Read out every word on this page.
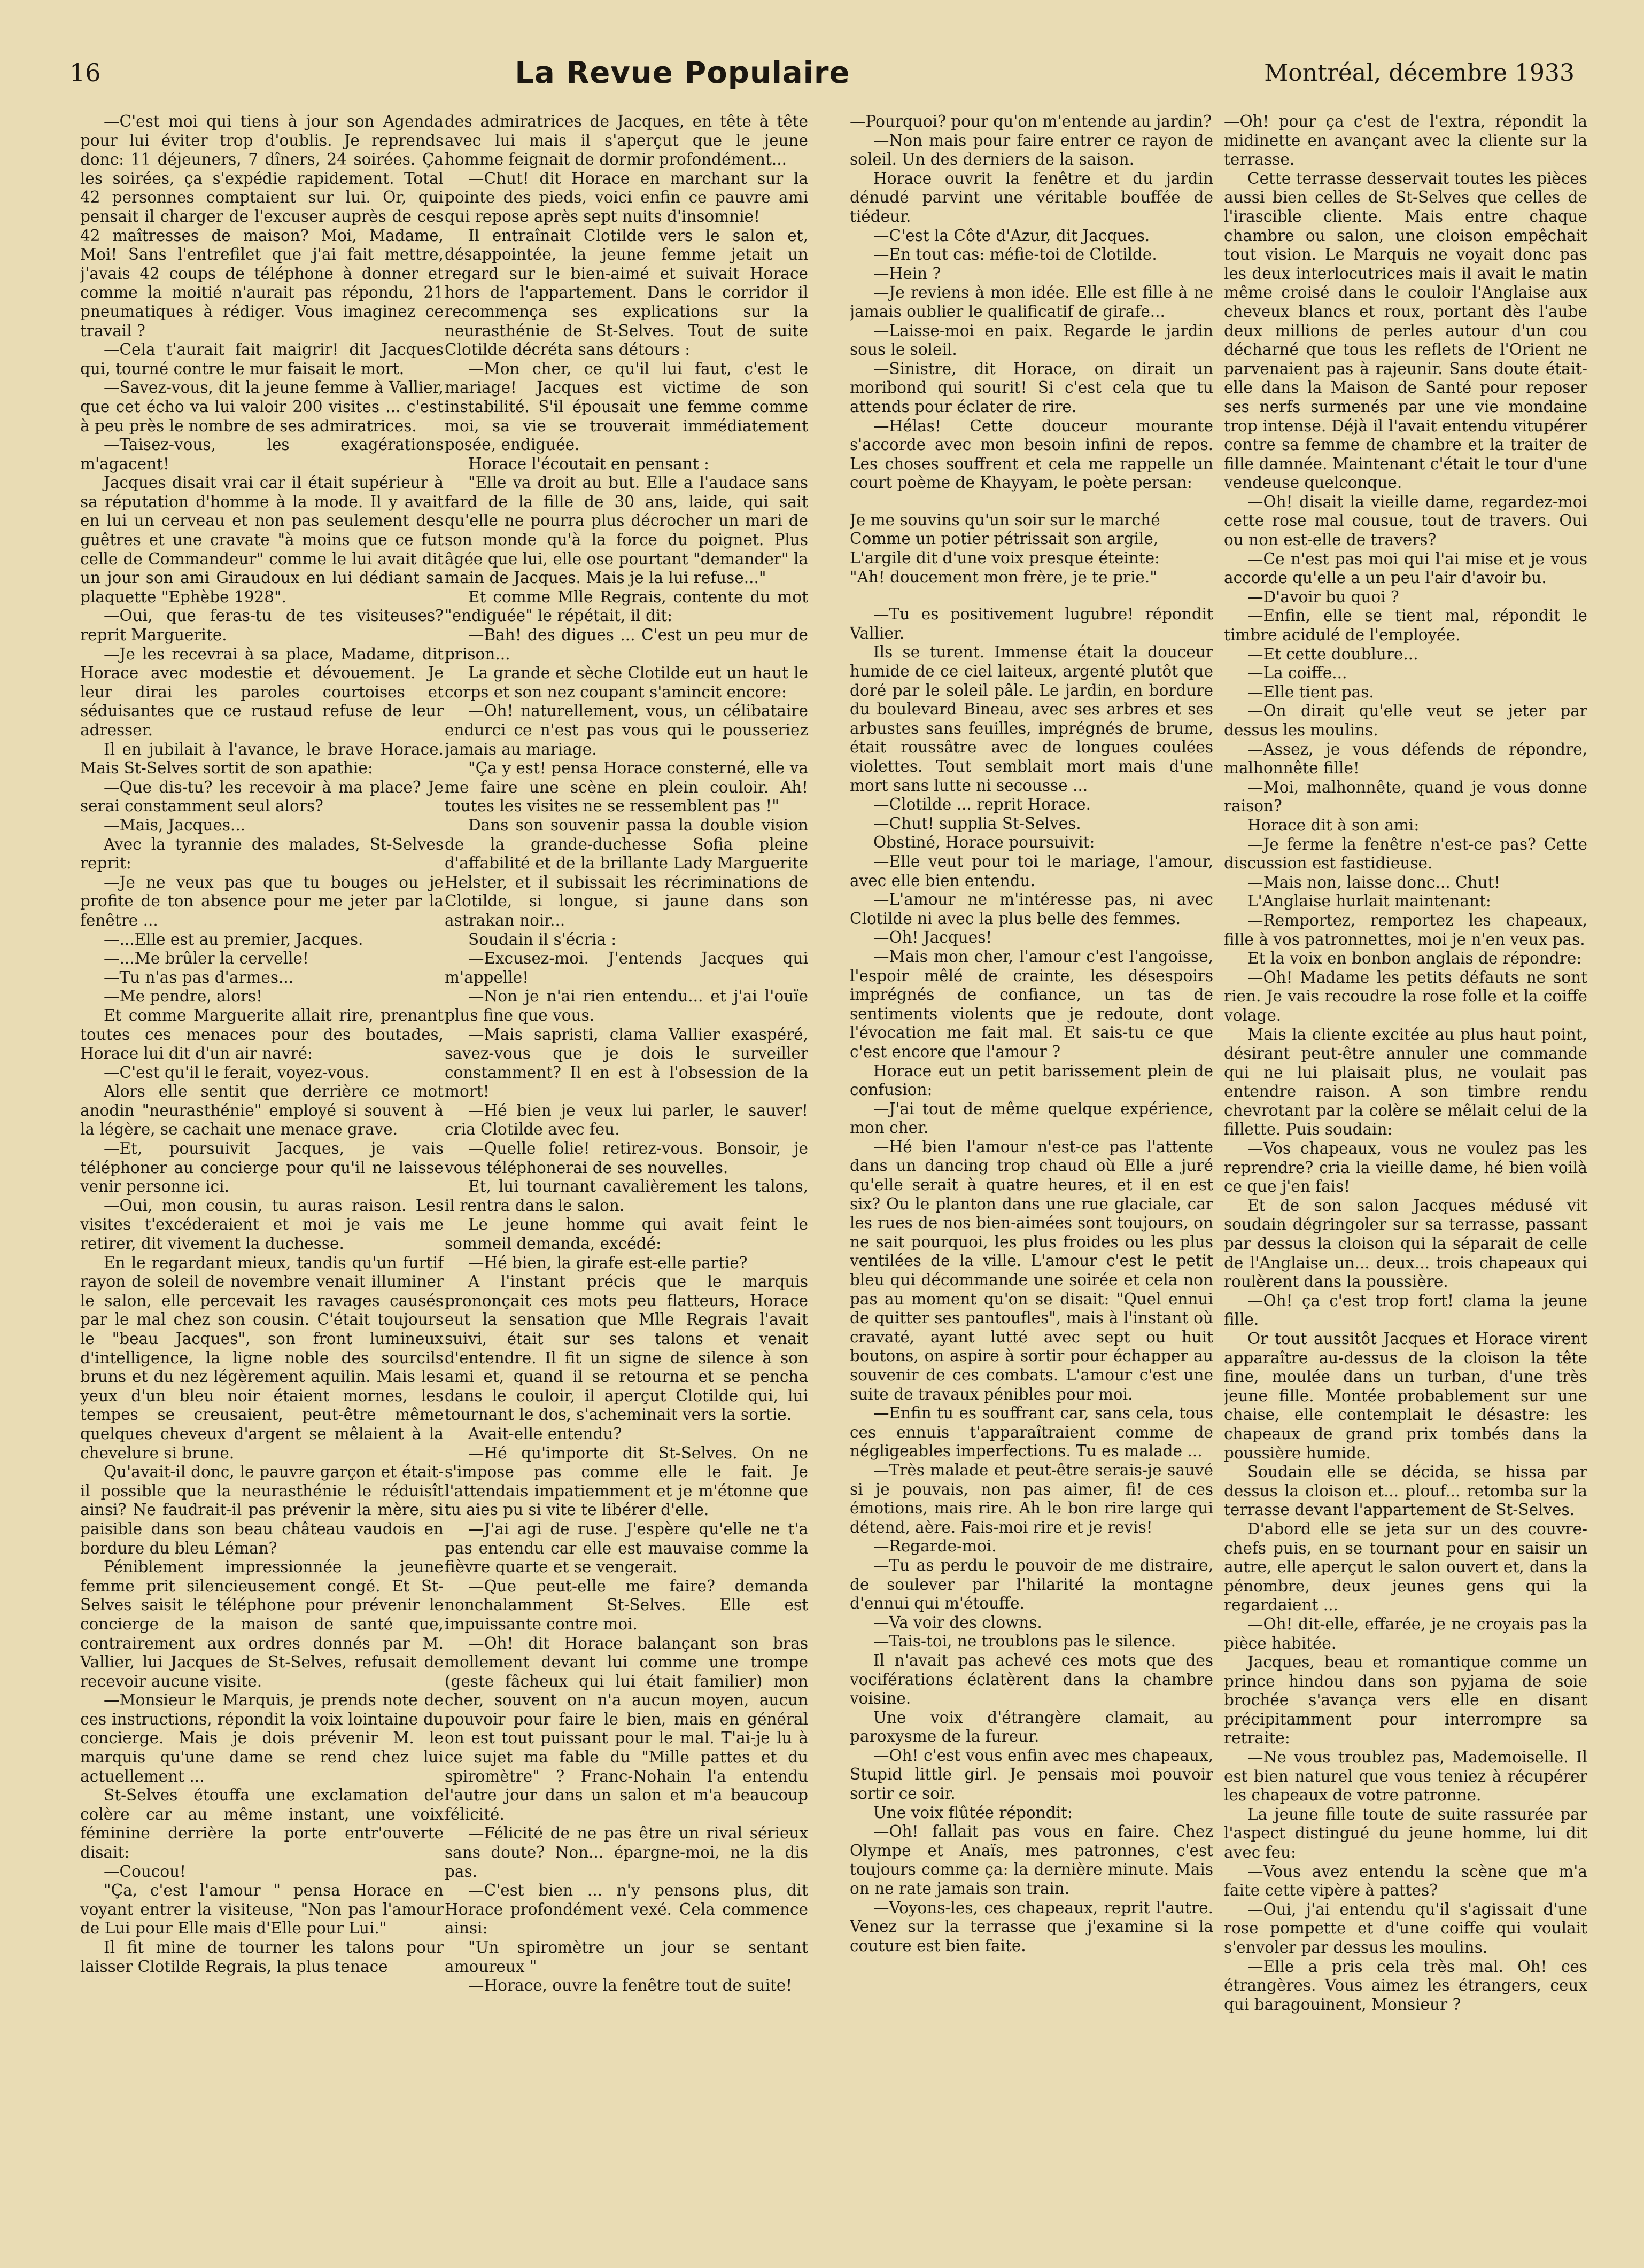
16	La Revue Populaire	Montréal, décembre 1933

—C'est moi qui tiens à jour son Agenda pour lui éviter trop d'oublis. Je reprends donc: 11 déjeuners, 7 dîners, 24 soirées. Ça les soirées, ça s'expédie rapidement. Total 42 personnes comptaient sur lui. Or, qui pensait il charger de l'excuser auprès de ces 42 maîtresses de maison? Moi, Madame, Moi! Sans l'entrefilet que j'ai fait mettre, j'avais 42 coups de téléphone à donner et comme la moitié n'aurait pas répondu, 21 pneumatiques à rédiger. Vous imaginez ce travail ?

—Cela t'aurait fait maigrir! dit Jacques qui, tourné contre le mur faisait le mort.

—Savez-vous, dit la jeune femme à Vallier, que cet écho va lui valoir 200 visites ... c'est à peu près le nombre de ses admiratrices.

—Taisez-vous, les exagérations m'agacent!

Jacques disait vrai car il était supérieur à sa réputation d'homme à la mode. Il y avait en lui un cerveau et non pas seulement des guêtres et une cravate "à moins que ce fut celle de Commandeur" comme le lui avait dit un jour son ami Giraudoux en lui dédiant sa plaquette "Ephèbe 1928".

—Oui, que feras-tu de tes visiteuses? reprit Marguerite.

—Je les recevrai à sa place, Madame, dit Horace avec modestie et dévouement. Je leur dirai les paroles courtoises et séduisantes que ce rustaud refuse de leur adresser.

Il en jubilait à l'avance, le brave Horace. Mais St-Selves sortit de son apathie:

—Que dis-tu? les recevoir à ma place? Je serai constamment seul alors?

—Mais, Jacques...

Avec la tyrannie des malades, St-Selves reprit:

—Je ne veux pas que tu bouges ou je profite de ton absence pour me jeter par la fenêtre ...

—...Elle est au premier, Jacques.

—...Me brûler la cervelle!

—Tu n'as pas d'armes...

—Me pendre, alors!

Et comme Marguerite allait rire, prenant toutes ces menaces pour des boutades, Horace lui dit d'un air navré:

—C'est qu'il le ferait, voyez-vous.

Alors elle sentit que derrière ce mot anodin "neurasthénie" employé si souvent à la légère, se cachait une menace grave.

—Et, poursuivit Jacques, je vais téléphoner au concierge pour qu'il ne laisse venir personne ici.

—Oui, mon cousin, tu auras raison. Les visites t'excéderaient et moi je vais me retirer, dit vivement la duchesse.

En le regardant mieux, tandis qu'un furtif rayon de soleil de novembre venait illuminer le salon, elle percevait les ravages causés par le mal chez son cousin. C'était toujours le "beau Jacques", son front lumineux d'intelligence, la ligne noble des sourcils bruns et du nez légèrement aquilin. Mais les yeux d'un bleu noir étaient mornes, les tempes se creusaient, peut-être même quelques cheveux d'argent se mêlaient à la chevelure si brune.

Qu'avait-il donc, le pauvre garçon et était-il possible que la neurasthénie le réduisît ainsi? Ne faudrait-il pas prévenir la mère, si paisible dans son beau château vaudois en bordure du bleu Léman?

Péniblement impressionnée la jeune femme prit silencieusement congé. Et St-Selves saisit le téléphone pour prévenir le concierge de la maison de santé que, contrairement aux ordres donnés par M. Vallier, lui Jacques de St-Selves, refusait de recevoir aucune visite.

—Monsieur le Marquis, je prends note de ces instructions, répondit la voix lointaine du concierge. Mais je dois prévenir M. le marquis qu'une dame se rend chez lui actuellement ...

St-Selves étouffa une exclamation de colère car au même instant, une voix féminine derrière la porte entr'ouverte disait:

—Coucou!

"Ça, c'est l'amour " pensa Horace en voyant entrer la visiteuse, "Non pas l'amour de Lui pour Elle mais d'Elle pour Lui."

Il fit mine de tourner les talons pour laisser Clotilde Regrais, la plus tenace

des admiratrices de Jacques, en tête à tête avec lui mais il s'aperçut que le jeune homme feignait de dormir profondément...

—Chut! dit Horace en marchant sur la pointe des pieds, voici enfin ce pauvre ami qui repose après sept nuits d'insomnie!

Il entraînait Clotilde vers le salon et, désappointée, la jeune femme jetait un regard sur le bien-aimé et suivait Horace hors de l'appartement. Dans le corridor il recommença ses explications sur la neurasthénie de St-Selves. Tout de suite Clotilde décréta sans détours :

—Mon cher, ce qu'il lui faut, c'est le mariage! Jacques est victime de son instabilité. S'il épousait une femme comme moi, sa vie se trouverait immédiatement posée, endiguée.

Horace l'écoutait en pensant :

"Elle va droit au but. Elle a l'audace sans fard de la fille de 30 ans, laide, qui sait qu'elle ne pourra plus décrocher un mari de son monde qu'à la force du poignet. Plus âgée que lui, elle ose pourtant "demander" la main de Jacques. Mais je la lui refuse..."

Et comme Mlle Regrais, contente du mot "endiguée" le répétait, il dit:

—Bah! des digues ... C'est un peu mur de prison...

La grande et sèche Clotilde eut un haut le corps et son nez coupant s'amincit encore:

—Oh! naturellement, vous, un célibataire endurci ce n'est pas vous qui le pousseriez jamais au mariage.

"Ça y est! pensa Horace consterné, elle va me faire une scène en plein couloir. Ah! toutes les visites ne se ressemblent pas !"

Dans son souvenir passa la double vision de la grande-duchesse Sofia pleine d'affabilité et de la brillante Lady Marguerite Helster, et il subissait les récriminations de Clotilde, si longue, si jaune dans son astrakan noir...

Soudain il s'écria :

—Excusez-moi. J'entends Jacques qui m'appelle!

—Non je n'ai rien entendu... et j'ai l'ouïe plus fine que vous.

—Mais sapristi, clama Vallier exaspéré, savez-vous que je dois le surveiller constamment? Il en est à l'obsession de la mort!

—Hé bien je veux lui parler, le sauver! cria Clotilde avec feu.

—Quelle folie! retirez-vous. Bonsoir, je vous téléphonerai de ses nouvelles.

Et, lui tournant cavalièrement les talons, il rentra dans le salon.

Le jeune homme qui avait feint le sommeil demanda, excédé:

—Hé bien, la girafe est-elle partie?

A l'instant précis que le marquis prononçait ces mots peu flatteurs, Horace eut la sensation que Mlle Regrais l'avait suivi, était sur ses talons et venait d'entendre. Il fit un signe de silence à son ami et, quand il se retourna et se pencha dans le couloir, il aperçut Clotilde qui, lui tournant le dos, s'acheminait vers la sortie.

Avait-elle entendu?

—Hé qu'importe dit St-Selves. On ne s'impose pas comme elle le fait. Je l'attendais impatiemment et je m'étonne que tu aies pu si vite te libérer d'elle.

—J'ai agi de ruse. J'espère qu'elle ne t'a pas entendu car elle est mauvaise comme la fièvre quarte et se vengerait.

—Que peut-elle me faire? demanda nonchalamment St-Selves. Elle est impuissante contre moi.

—Oh! dit Horace balançant son bras mollement devant lui comme une trompe (geste fâcheux qui lui était familier) mon cher, souvent on n'a aucun moyen, aucun pouvoir pour faire le bien, mais en général on est tout puissant pour le mal. T'ai-je lu à ce sujet ma fable du "Mille pattes et du spiromètre" ? Franc-Nohain l'a entendu l'autre jour dans un salon et m'a beaucoup félicité.

—Félicité de ne pas être un rival sérieux sans doute? Non... épargne-moi, ne la dis pas.

—C'est bien ... n'y pensons plus, dit Horace profondément vexé. Cela commence ainsi:

"Un spiromètre un jour se sentant amoureux "

—Horace, ouvre la fenêtre tout de suite!

—Pourquoi? pour qu'on m'entende au jardin?

—Non mais pour faire entrer ce rayon de soleil. Un des derniers de la saison.

Horace ouvrit la fenêtre et du jardin dénudé parvint une véritable bouffée de tiédeur.

—C'est la Côte d'Azur, dit Jacques.

—En tout cas: méfie-toi de Clotilde.

—Hein ?

—Je reviens à mon idée. Elle est fille à ne jamais oublier le qualificatif de girafe...

—Laisse-moi en paix. Regarde le jardin sous le soleil.

—Sinistre, dit Horace, on dirait un moribond qui sourit! Si c'est cela que tu attends pour éclater de rire.

—Hélas! Cette douceur mourante s'accorde avec mon besoin infini de repos. Les choses souffrent et cela me rappelle un court poème de Khayyam, le poète persan:

Je me souvins qu'un soir sur le marché

Comme un potier pétrissait son argile,

L'argile dit d'une voix presque éteinte:

"Ah! doucement mon frère, je te prie."

—Tu es positivement lugubre! répondit Vallier.

Ils se turent. Immense était la douceur humide de ce ciel laiteux, argenté plutôt que doré par le soleil pâle. Le jardin, en bordure du boulevard Bineau, avec ses arbres et ses arbustes sans feuilles, imprégnés de brume, était roussâtre avec de longues coulées violettes. Tout semblait mort mais d'une mort sans lutte ni secousse ...

—Clotilde ... reprit Horace.

—Chut! supplia St-Selves.

Obstiné, Horace poursuivit:

—Elle veut pour toi le mariage, l'amour, avec elle bien entendu.

—L'amour ne m'intéresse pas, ni avec Clotilde ni avec la plus belle des femmes.

—Oh! Jacques!

—Mais mon cher, l'amour c'est l'angoisse, l'espoir mêlé de crainte, les désespoirs imprégnés de confiance, un tas de sentiments violents que je redoute, dont l'évocation me fait mal. Et sais-tu ce que c'est encore que l'amour ?

Horace eut un petit barissement plein de confusion:

—J'ai tout de même quelque expérience, mon cher.

—Hé bien l'amour n'est-ce pas l'attente dans un dancing trop chaud où Elle a juré qu'elle serait à quatre heures, et il en est six? Ou le planton dans une rue glaciale, car les rues de nos bien-aimées sont toujours, on ne sait pourquoi, les plus froides ou les plus ventilées de la ville. L'amour c'est le petit bleu qui décommande une soirée et cela non pas au moment qu'on se disait: "Quel ennui de quitter ses pantoufles", mais à l'instant où cravaté, ayant lutté avec sept ou huit boutons, on aspire à sortir pour échapper au souvenir de ces combats. L'amour c'est une suite de travaux pénibles pour moi.

—Enfin tu es souffrant car, sans cela, tous ces ennuis t'apparaîtraient comme de négligeables imperfections. Tu es malade ...

—Très malade et peut-être serais-je sauvé si je pouvais, non pas aimer, fi! de ces émotions, mais rire. Ah le bon rire large qui détend, aère. Fais-moi rire et je revis!

—Regarde-moi.

—Tu as perdu le pouvoir de me distraire, de soulever par l'hilarité la montagne d'ennui qui m'étouffe.

—Va voir des clowns.

—Tais-toi, ne troublons pas le silence.

Il n'avait pas achevé ces mots que des vociférations éclatèrent dans la chambre voisine.

Une voix d'étrangère clamait, au paroxysme de la fureur.

—Oh! c'est vous enfin avec mes chapeaux, Stupid little girl. Je pensais moi pouvoir sortir ce soir.

Une voix flûtée répondit:

—Oh! fallait pas vous en faire. Chez Olympe et Anaïs, mes patronnes, c'est toujours comme ça: la dernière minute. Mais on ne rate jamais son train.

—Voyons-les, ces chapeaux, reprit l'autre. Venez sur la terrasse que j'examine si la couture est bien faite.

—Oh! pour ça c'est de l'extra, répondit la midinette en avançant avec la cliente sur la terrasse.

Cette terrasse desservait toutes les pièces aussi bien celles de St-Selves que celles de l'irascible cliente. Mais entre chaque chambre ou salon, une cloison empêchait tout vision. Le Marquis ne voyait donc pas les deux interlocutrices mais il avait le matin même croisé dans le couloir l'Anglaise aux cheveux blancs et roux, portant dès l'aube deux millions de perles autour d'un cou décharné que tous les reflets de l'Orient ne parvenaient pas à rajeunir. Sans doute était-elle dans la Maison de Santé pour reposer ses nerfs surmenés par une vie mondaine trop intense. Déjà il l'avait entendu vitupérer contre sa femme de chambre et la traiter de fille damnée. Maintenant c'était le tour d'une vendeuse quelconque.

—Oh! disait la vieille dame, regardez-moi cette rose mal cousue, tout de travers. Oui ou non est-elle de travers?

—Ce n'est pas moi qui l'ai mise et je vous accorde qu'elle a un peu l'air d'avoir bu.

—D'avoir bu quoi ?

—Enfin, elle se tient mal, répondit le timbre acidulé de l'employée.

—Et cette doublure...

—La coiffe...

—Elle tient pas.

—On dirait qu'elle veut se jeter par dessus les moulins.

—Assez, je vous défends de répondre, malhonnête fille!

—Moi, malhonnête, quand je vous donne raison?

Horace dit à son ami:

—Je ferme la fenêtre n'est-ce pas? Cette discussion est fastidieuse.

—Mais non, laisse donc... Chut!

L'Anglaise hurlait maintenant:

—Remportez, remportez les chapeaux, fille à vos patronnettes, moi je n'en veux pas.

Et la voix en bonbon anglais de répondre:

—Oh! Madame les petits défauts ne sont rien. Je vais recoudre la rose folle et la coiffe volage.

Mais la cliente excitée au plus haut point, désirant peut-être annuler une commande qui ne lui plaisait plus, ne voulait pas entendre raison. A son timbre rendu chevrotant par la colère se mêlait celui de la fillette. Puis soudain:

—Vos chapeaux, vous ne voulez pas les reprendre? cria la vieille dame, hé bien voilà ce que j'en fais!

Et de son salon Jacques médusé vit soudain dégringoler sur sa terrasse, passant par dessus la cloison qui la séparait de celle de l'Anglaise un... deux... trois chapeaux qui roulèrent dans la poussière.

—Oh! ça c'est trop fort! clama la jeune fille.

Or tout aussitôt Jacques et Horace virent apparaître au-dessus de la cloison la tête fine, moulée dans un turban, d'une très jeune fille. Montée probablement sur une chaise, elle contemplait le désastre: les chapeaux de grand prix tombés dans la poussière humide.

Soudain elle se décida, se hissa par dessus la cloison et... plouf... retomba sur la terrasse devant l'appartement de St-Selves.

D'abord elle se jeta sur un des couvre-chefs puis, en se tournant pour en saisir un autre, elle aperçut le salon ouvert et, dans la pénombre, deux jeunes gens qui la regardaient ...

—Oh! dit-elle, effarée, je ne croyais pas la pièce habitée.

Jacques, beau et romantique comme un prince hindou dans son pyjama de soie brochée s'avança vers elle en disant précipitamment pour interrompre sa retraite:

—Ne vous troublez pas, Mademoiselle. Il est bien naturel que vous teniez à récupérer les chapeaux de votre patronne.

La jeune fille toute de suite rassurée par l'aspect distingué du jeune homme, lui dit avec feu:

—Vous avez entendu la scène que m'a faite cette vipère à pattes?

—Oui, j'ai entendu qu'il s'agissait d'une rose pompette et d'une coiffe qui voulait s'envoler par dessus les moulins.

—Elle a pris cela très mal. Oh! ces étrangères. Vous aimez les étrangers, ceux qui baragouinent, Monsieur ?
